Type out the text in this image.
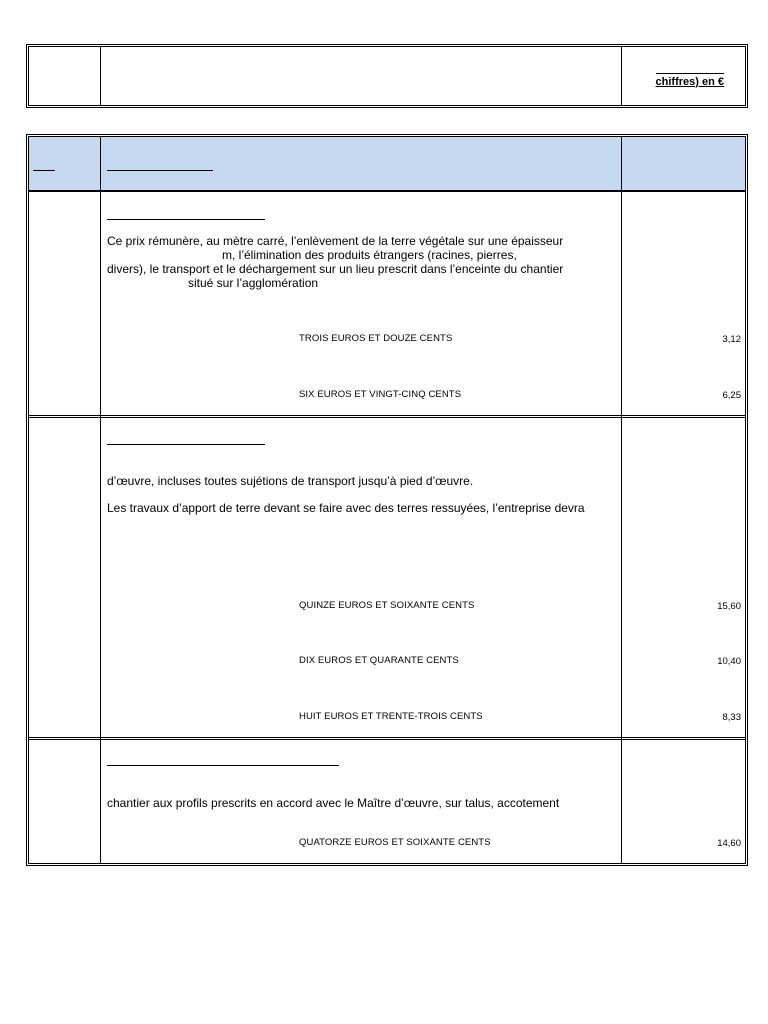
chiffres) en €
Ce prix rémunère, au mètre carré, l’enlèvement de la terre végétale sur une épaisseur
m, l’élimination des produits étrangers (racines, pierres,
divers), le transport et le déchargement sur un lieu prescrit dans l’enceinte du chantier
situé sur l’agglomération
TROIS EUROS ET DOUZE CENTS	3,12
SIX EUROS ET VINGT-CINQ CENTS	6,25
d’œuvre, incluses toutes sujétions de transport jusqu’à pied d’œuvre.
Les travaux d’apport de terre devant se faire avec des terres ressuyées, l’entreprise devra
QUINZE EUROS ET SOIXANTE CENTS	15,60
DIX EUROS ET QUARANTE CENTS	10,40
HUIT EUROS ET TRENTE-TROIS CENTS	8,33
chantier aux profils prescrits en accord avec le Maître d’œuvre, sur talus, accotement
QUATORZE EUROS ET SOIXANTE CENTS	14,60
